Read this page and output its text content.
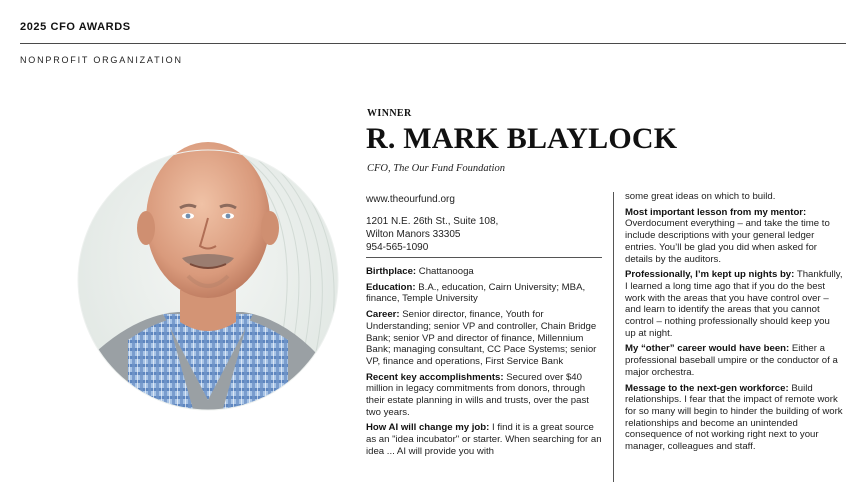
2025 CFO AWARDS
NONPROFIT ORGANIZATION
WINNER
R. MARK BLAYLOCK
CFO, The Our Fund Foundation
www.theourfund.org
1201 N.E. 26th St., Suite 108,
Wilton Manors 33305
954-565-1090
Birthplace: Chattanooga
Education: B.A., education, Cairn University; MBA, finance, Temple University
Career: Senior director, finance, Youth for Understanding; senior VP and controller, Chain Bridge Bank; senior VP and director of finance, Millennium Bank; managing consultant, CC Pace Systems; senior VP, finance and operations, First Service Bank
Recent key accomplishments: Secured over $40 million in legacy commitments from donors, through their estate planning in wills and trusts, over the past two years.
How AI will change my job: I find it is a great source as an "idea incubator" or starter. When searching for an idea ... AI will provide you with
some great ideas on which to build.
Most important lesson from my mentor: Overdocument everything – and take the time to include descriptions with your general ledger entries. You’ll be glad you did when asked for details by the auditors.
Professionally, I’m kept up nights by: Thankfully, I learned a long time ago that if you do the best work with the areas that you have control over – and learn to identify the areas that you cannot control – nothing professionally should keep you up at night.
My “other” career would have been: Either a professional baseball umpire or the conductor of a major orchestra.
Message to the next-gen workforce: Build relationships. I fear that the impact of remote work for so many will begin to hinder the building of work relationships and become an unintended consequence of not working right next to your manager, colleagues and staff.
